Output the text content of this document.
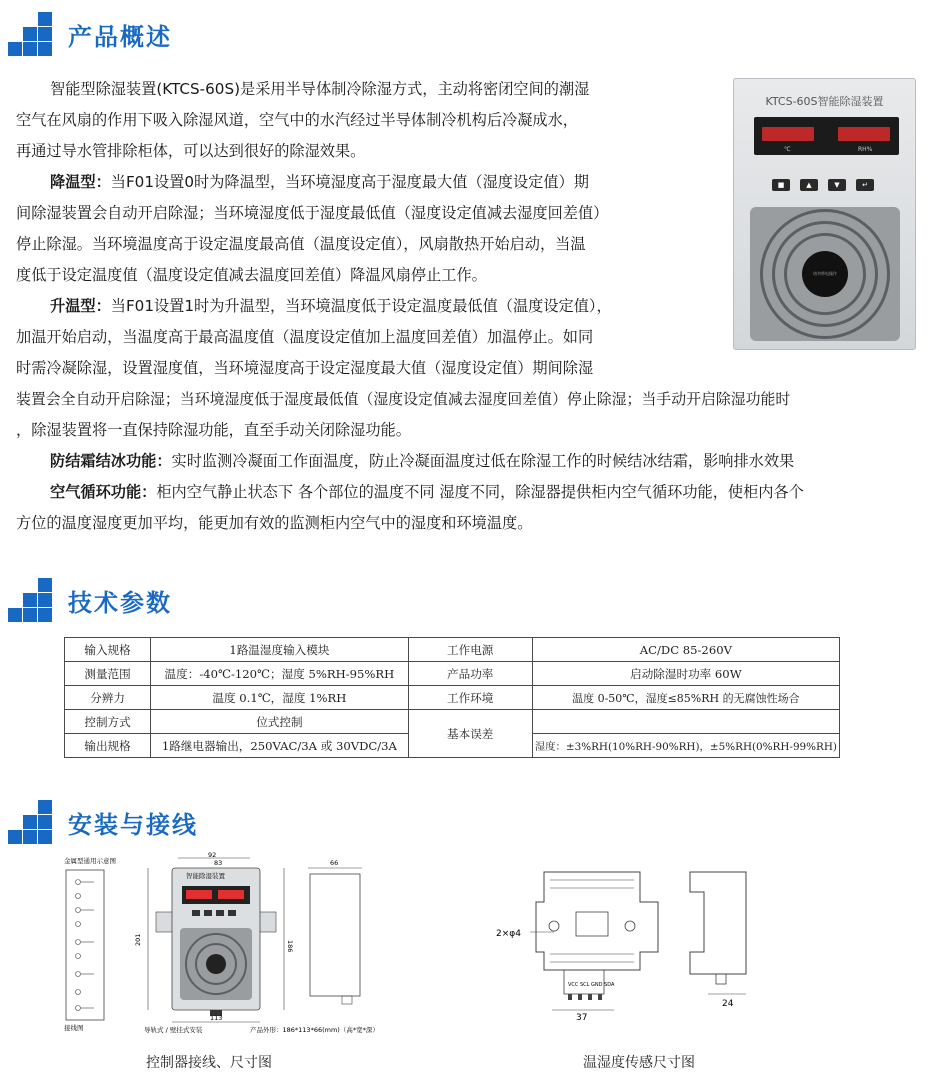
产品概述
智能型除湿装置(KTCS-60S)是采用半导体制冷除湿方式，主动将密闭空间的潮湿
空气在风扇的作用下吸入除湿风道，空气中的水汽经过半导体制冷机构后冷凝成水，
再通过导水管排除柜体，可以达到很好的除湿效果。
降温型：当F01设置0时为降温型，当环境湿度高于湿度最大值（湿度设定值）期
间除湿装置会自动开启除湿；当环境湿度低于湿度最低值（湿度设定值减去湿度回差值）
停止除湿。当环境温度高于设定温度最高值（温度设定值），风扇散热开始启动，当温
度低于设定温度值（温度设定值减去温度回差值）降温风扇停止工作。
升温型：当F01设置1时为升温型，当环境温度低于设定温度最低值（温度设定值），
加温开始启动，当温度高于最高温度值（温度设定值加上温度回差值）加温停止。如同
时需冷凝除湿，设置湿度值，当环境湿度高于设定湿度最大值（湿度设定值）期间除湿
装置会全自动开启除湿；当环境湿度低于湿度最低值（湿度设定值减去湿度回差值）停止除湿；当手动开启除湿功能时
，除湿装置将一直保持除湿功能，直至手动关闭除湿功能。
防结霜结冰功能：实时监测冷凝面工作面温度，防止冷凝面温度过低在除湿工作的时候结冰结霜，影响排水效果
空气循环功能：柜内空气静止状态下 各个部位的温度不同 湿度不同，除湿器提供柜内空气循环功能，使柜内各个
方位的温度湿度更加平均，能更加有效的监测柜内空气中的湿度和环境温度。
KTCS-60S智能除湿装置
℃	RH%
■	▲	▼	↵
请勿带电操作
技术参数
输入规格	1路温湿度输入模块	工作电源	AC/DC 85-260V
测量范围	温度：-40℃-120℃；湿度 5%RH-95%RH	产品功率	启动除湿时功率 60W
分辨力	温度 0.1℃，湿度 1%RH	工作环境	温度 0-50℃，湿度≤85%RH 的无腐蚀性场合
控制方式	位式控制	基本误差	
输出规格	1路继电器输出，250VAC/3A 或 30VDC/3A		湿度：±3%RH(10%RH-90%RH)，±5%RH(0%RH-99%RH)
安装与接线
金属型通用示意图
接线图
92
83
智能除湿装置
201
186
113
导轨式 / 壁挂式安装	产品外形：186*113*66(mm)（高*宽*深）
66
2×φ4
VCC SCL GND SDA
37
24
控制器接线、尺寸图	温湿度传感尺寸图
